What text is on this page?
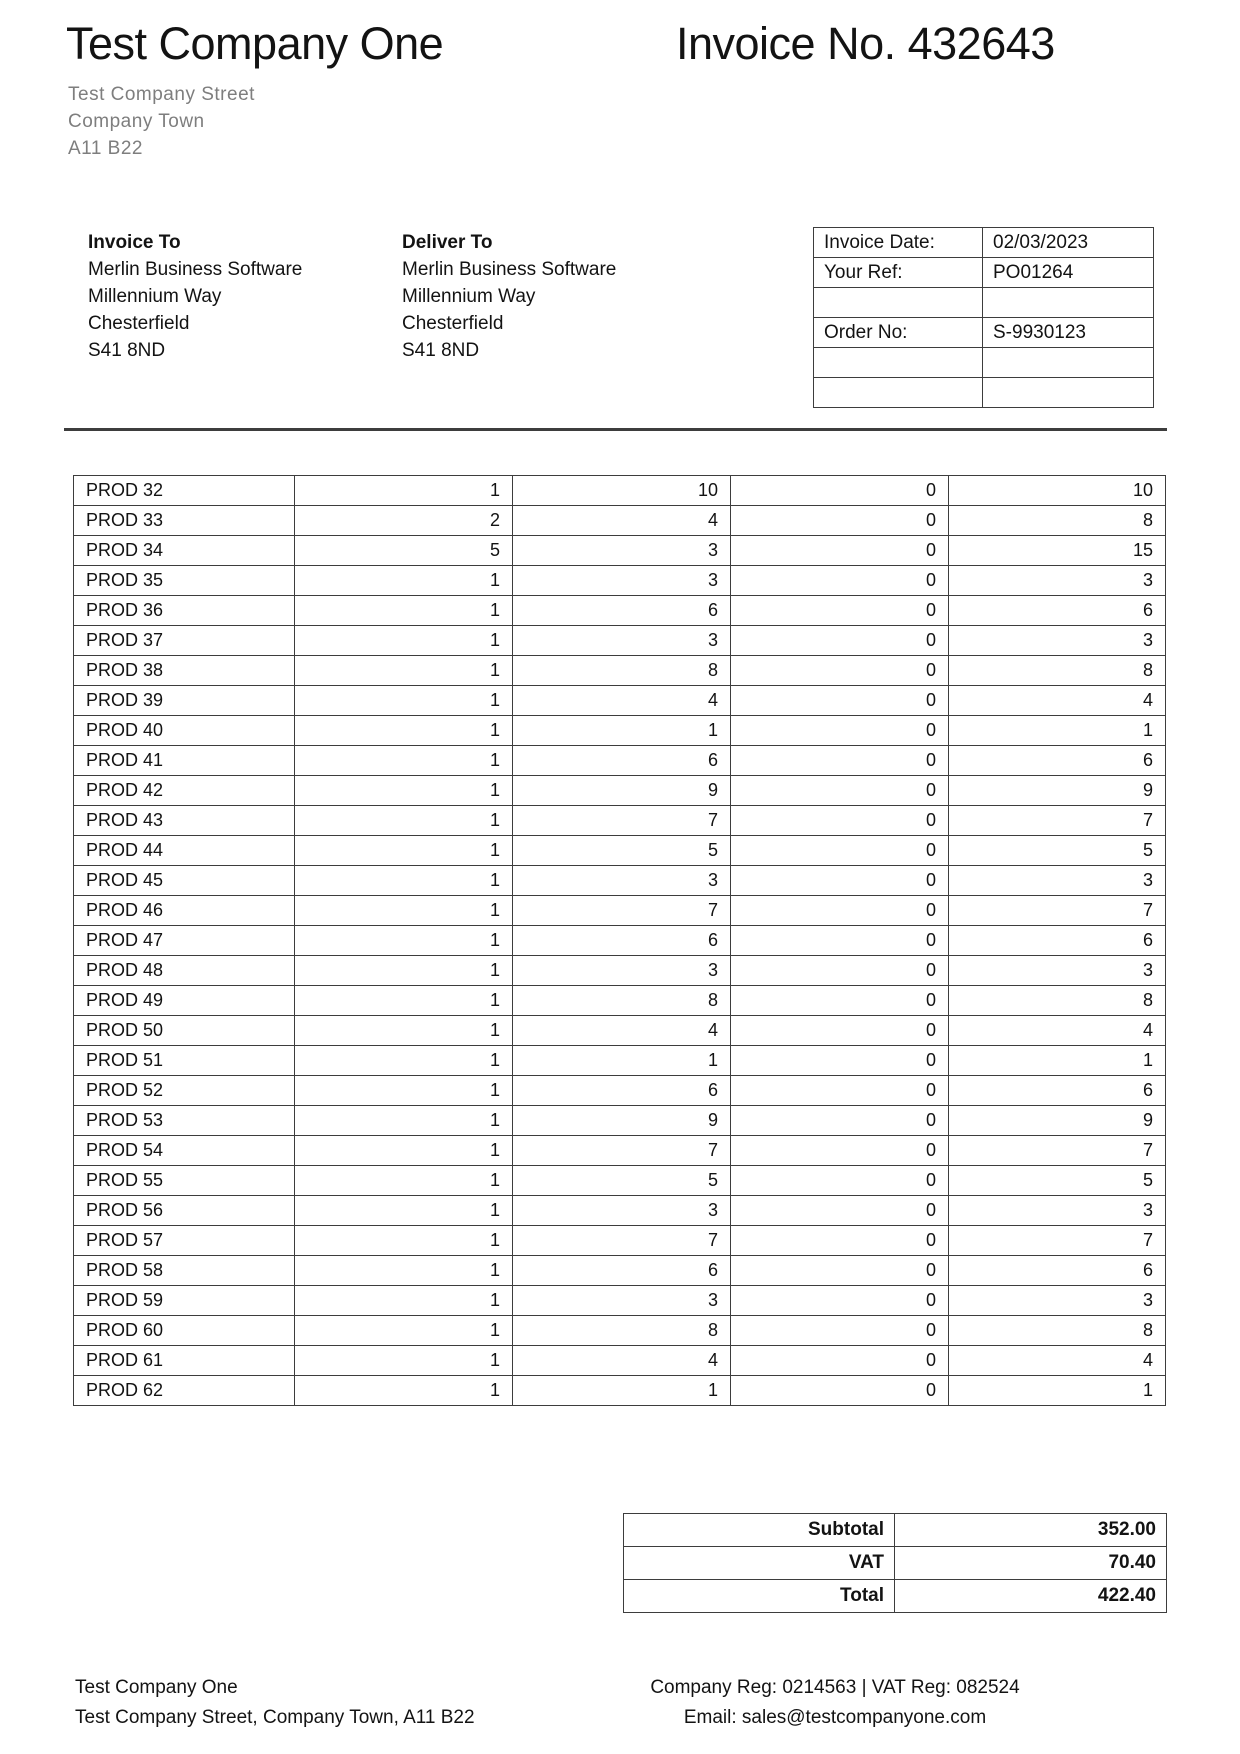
Test Company One	Invoice No. 432643
Test Company Street
Company Town
A11 B22
Invoice To
Merlin Business Software
Millennium Way
Chesterfield
S41 8ND
Deliver To
Merlin Business Software
Millennium Way
Chesterfield
S41 8ND
Invoice Date:	02/03/2023
Your Ref:	PO01264

Order No:	S-9930123

PROD 32	1	10	0	10
PROD 33	2	4	0	8
PROD 34	5	3	0	15
PROD 35	1	3	0	3
PROD 36	1	6	0	6
PROD 37	1	3	0	3
PROD 38	1	8	0	8
PROD 39	1	4	0	4
PROD 40	1	1	0	1
PROD 41	1	6	0	6
PROD 42	1	9	0	9
PROD 43	1	7	0	7
PROD 44	1	5	0	5
PROD 45	1	3	0	3
PROD 46	1	7	0	7
PROD 47	1	6	0	6
PROD 48	1	3	0	3
PROD 49	1	8	0	8
PROD 50	1	4	0	4
PROD 51	1	1	0	1
PROD 52	1	6	0	6
PROD 53	1	9	0	9
PROD 54	1	7	0	7
PROD 55	1	5	0	5
PROD 56	1	3	0	3
PROD 57	1	7	0	7
PROD 58	1	6	0	6
PROD 59	1	3	0	3
PROD 60	1	8	0	8
PROD 61	1	4	0	4
PROD 62	1	1	0	1
Subtotal	352.00
VAT	70.40
Total	422.40
Test Company One
Test Company Street, Company Town, A11 B22
Company Reg: 0214563 | VAT Reg: 082524
Email: sales@testcompanyone.com
